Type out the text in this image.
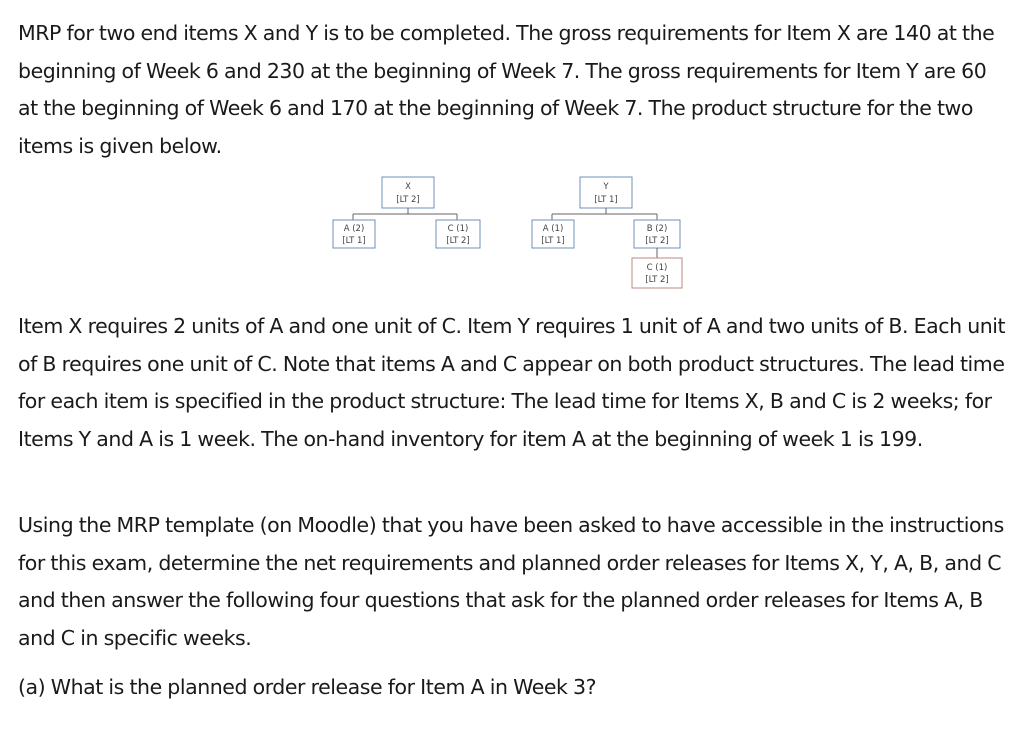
MRP for two end items X and Y is to be completed. The gross requirements for Item X are 140 at the beginning of Week 6 and 230 at the beginning of Week 7. The gross requirements for Item Y are 60 at the beginning of Week 6 and 170 at the beginning of Week 7. The product structure for the two items is given below.

X
[LT 2]
A (2)
[LT 1]
C (1)
[LT 2]
Y
[LT 1]
A (1)
[LT 1]
B (2)
[LT 2]
C (1)
[LT 2]

Item X requires 2 units of A and one unit of C. Item Y requires 1 unit of A and two units of B. Each unit of B requires one unit of C. Note that items A and C appear on both product structures. The lead time for each item is specified in the product structure: The lead time for Items X, B and C is 2 weeks; for Items Y and A is 1 week. The on-hand inventory for item A at the beginning of week 1 is 199.

Using the MRP template (on Moodle) that you have been asked to have accessible in the instructions for this exam, determine the net requirements and planned order releases for Items X, Y, A, B, and C and then answer the following four questions that ask for the planned order releases for Items A, B and C in specific weeks.

(a) What is the planned order release for Item A in Week 3?
